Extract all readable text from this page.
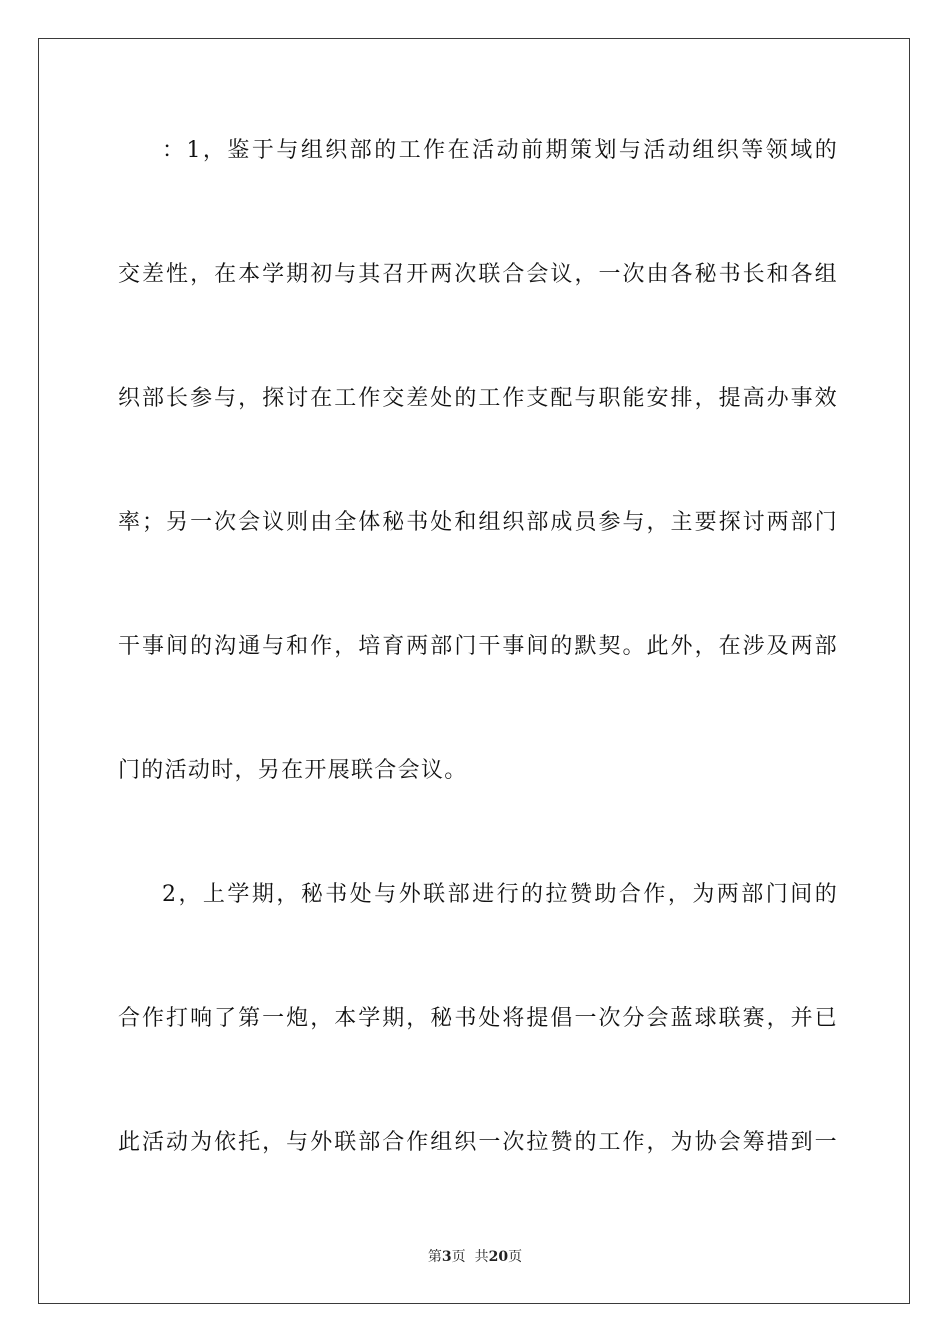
：1，鉴于与组织部的工作在活动前期策划与活动组织等领域的
交差性，在本学期初与其召开两次联合会议，一次由各秘书长和各组
织部长参与，探讨在工作交差处的工作支配与职能安排，提高办事效
率；另一次会议则由全体秘书处和组织部成员参与，主要探讨两部门
干事间的沟通与和作，培育两部门干事间的默契。此外，在涉及两部
门的活动时，另在开展联合会议。
2，上学期，秘书处与外联部进行的拉赞助合作，为两部门间的
合作打响了第一炮，本学期，秘书处将提倡一次分会蓝球联赛，并已
此活动为依托，与外联部合作组织一次拉赞的工作，为协会筹措到一
第3页  共20页
